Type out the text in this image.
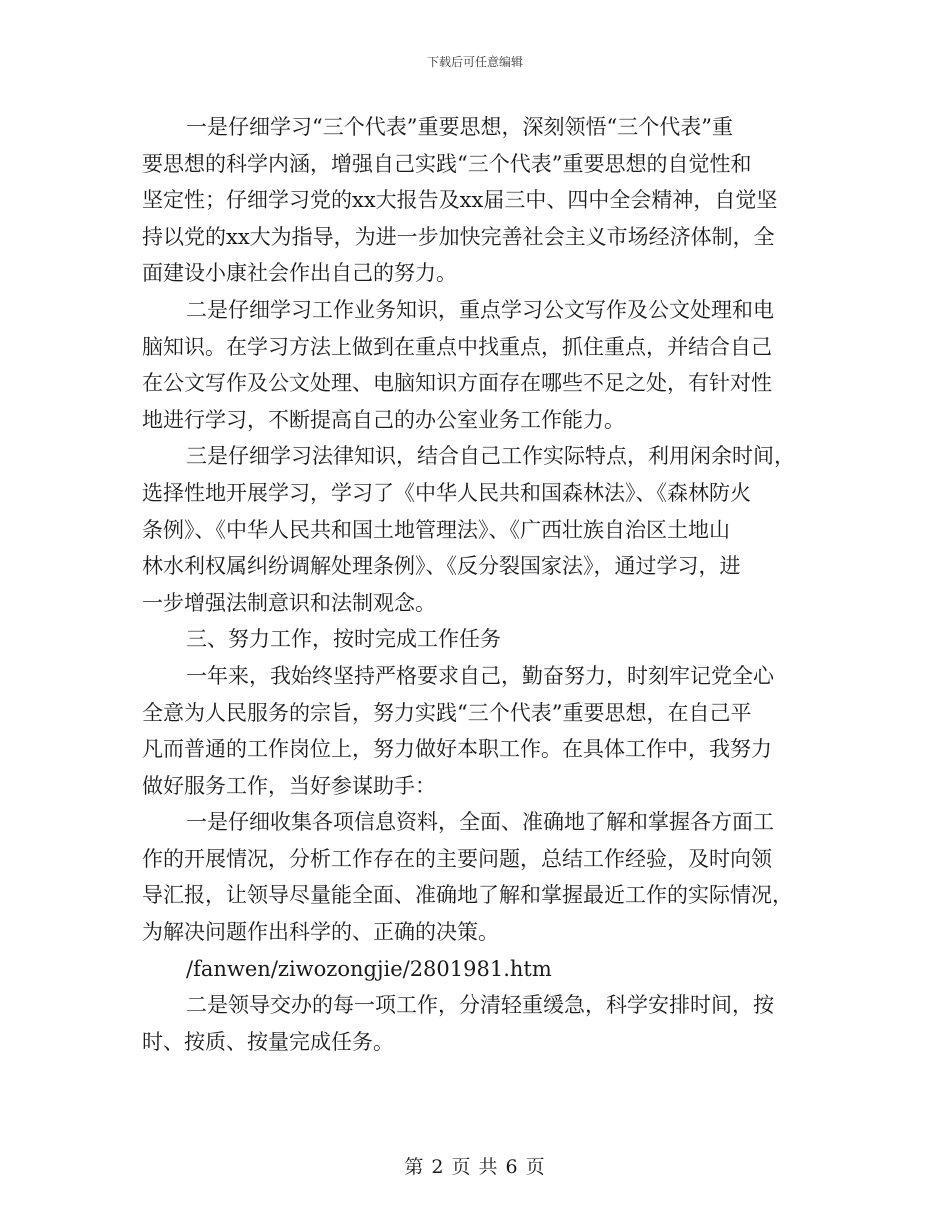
下载后可任意编辑
一是仔细学习“三个代表”重要思想，深刻领悟“三个代表”重
要思想的科学内涵，增强自己实践“三个代表”重要思想的自觉性和
坚定性；仔细学习党的xx大报告及xx届三中、四中全会精神，自觉坚
持以党的xx大为指导，为进一步加快完善社会主义市场经济体制，全
面建设小康社会作出自己的努力。
二是仔细学习工作业务知识，重点学习公文写作及公文处理和电
脑知识。在学习方法上做到在重点中找重点，抓住重点，并结合自己
在公文写作及公文处理、电脑知识方面存在哪些不足之处，有针对性
地进行学习，不断提高自己的办公室业务工作能力。
三是仔细学习法律知识，结合自己工作实际特点，利用闲余时间，
选择性地开展学习，学习了《中华人民共和国森林法》、《森林防火
条例》、《中华人民共和国土地管理法》、《广西壮族自治区土地山
林水利权属纠纷调解处理条例》、《反分裂国家法》，通过学习，进
一步增强法制意识和法制观念。
三、努力工作，按时完成工作任务
一年来，我始终坚持严格要求自己，勤奋努力，时刻牢记党全心
全意为人民服务的宗旨，努力实践“三个代表”重要思想，在自己平
凡而普通的工作岗位上，努力做好本职工作。在具体工作中，我努力
做好服务工作，当好参谋助手：
一是仔细收集各项信息资料，全面、准确地了解和掌握各方面工
作的开展情况，分析工作存在的主要问题，总结工作经验，及时向领
导汇报，让领导尽量能全面、准确地了解和掌握最近工作的实际情况，
为解决问题作出科学的、正确的决策。
/fanwen/ziwozongjie/2801981.htm
二是领导交办的每一项工作，分清轻重缓急，科学安排时间，按
时、按质、按量完成任务。
第 2 页 共 6 页
